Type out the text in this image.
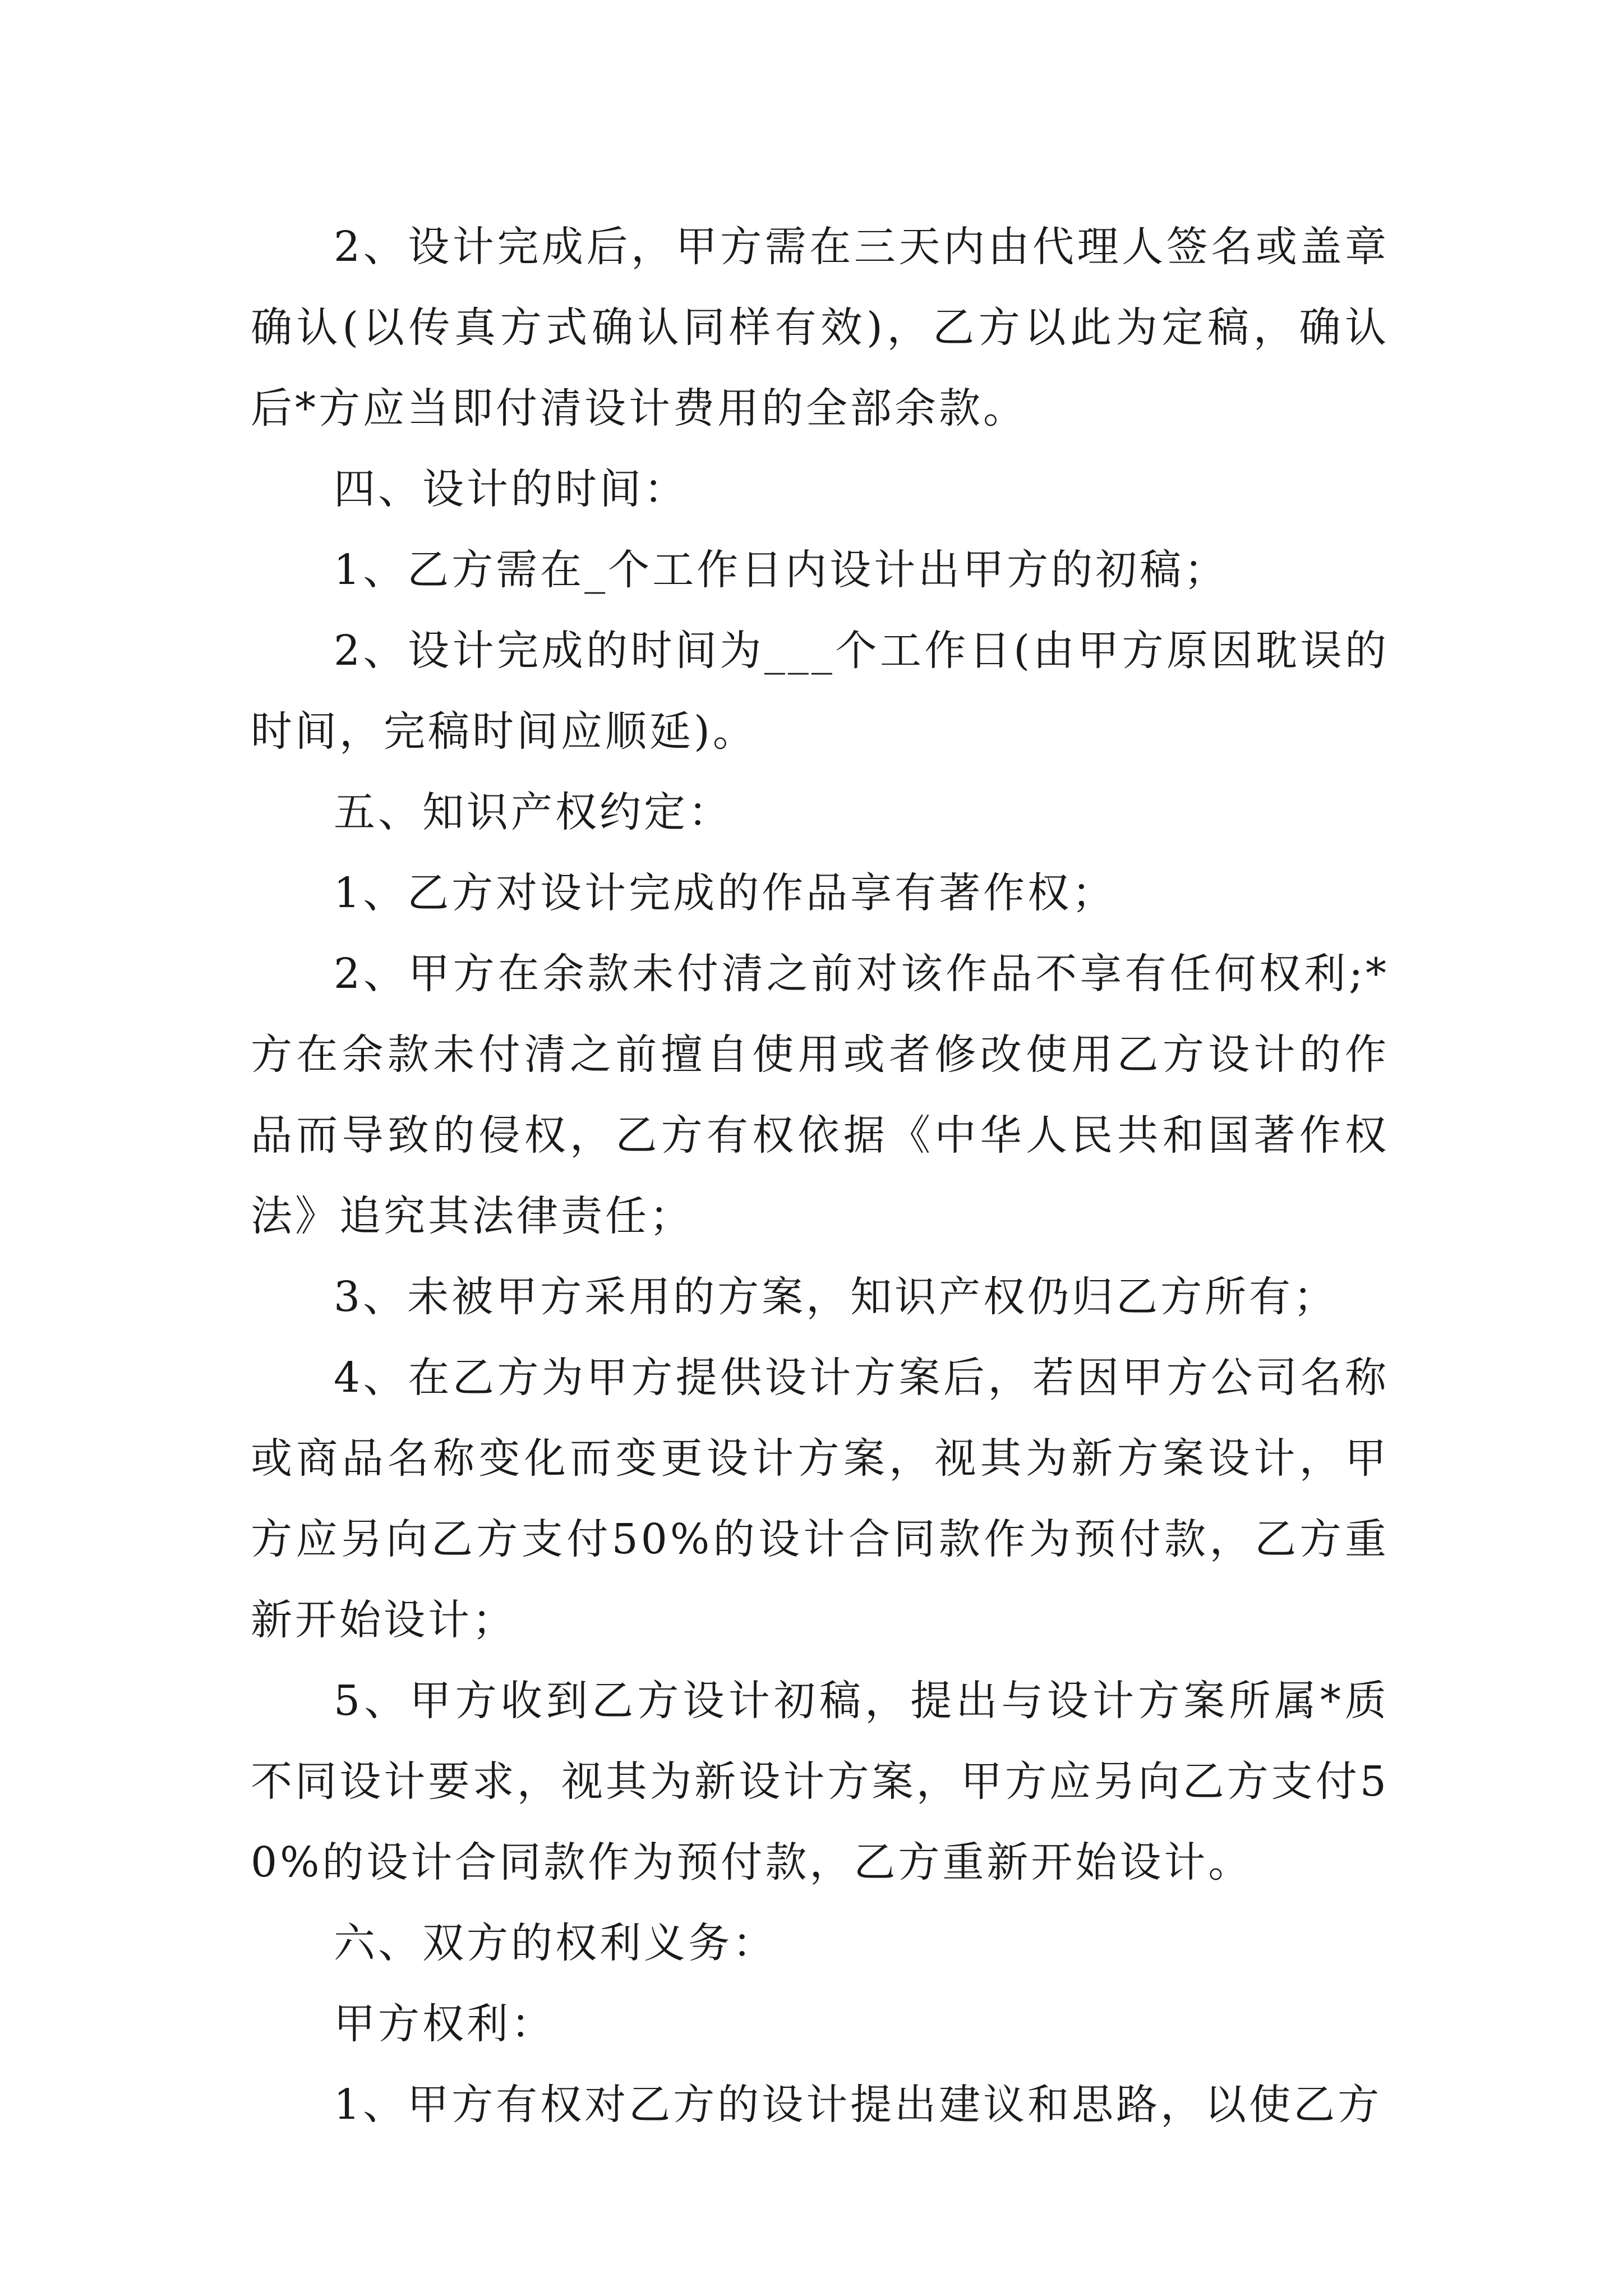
2、设计完成后，甲方需在三天内由代理人签名或盖章确认(以传真方式确认同样有效)，乙方以此为定稿，确认后*方应当即付清设计费用的全部余款。

四、设计的时间：

1、乙方需在_个工作日内设计出甲方的初稿；

2、设计完成的时间为___个工作日(由甲方原因耽误的时间，完稿时间应顺延)。

五、知识产权约定：

1、乙方对设计完成的作品享有著作权；

2、甲方在余款未付清之前对该作品不享有任何权利;*方在余款未付清之前擅自使用或者修改使用乙方设计的作品而导致的侵权，乙方有权依据《中华人民共和国著作权法》追究其法律责任；

3、未被甲方采用的方案，知识产权仍归乙方所有；

4、在乙方为甲方提供设计方案后，若因甲方公司名称或商品名称变化而变更设计方案，视其为新方案设计，甲方应另向乙方支付50%的设计合同款作为预付款，乙方重新开始设计；

5、甲方收到乙方设计初稿，提出与设计方案所属*质不同设计要求，视其为新设计方案，甲方应另向乙方支付50%的设计合同款作为预付款，乙方重新开始设计。

六、双方的权利义务：

甲方权利：

1、甲方有权对乙方的设计提出建议和思路，以使乙方
